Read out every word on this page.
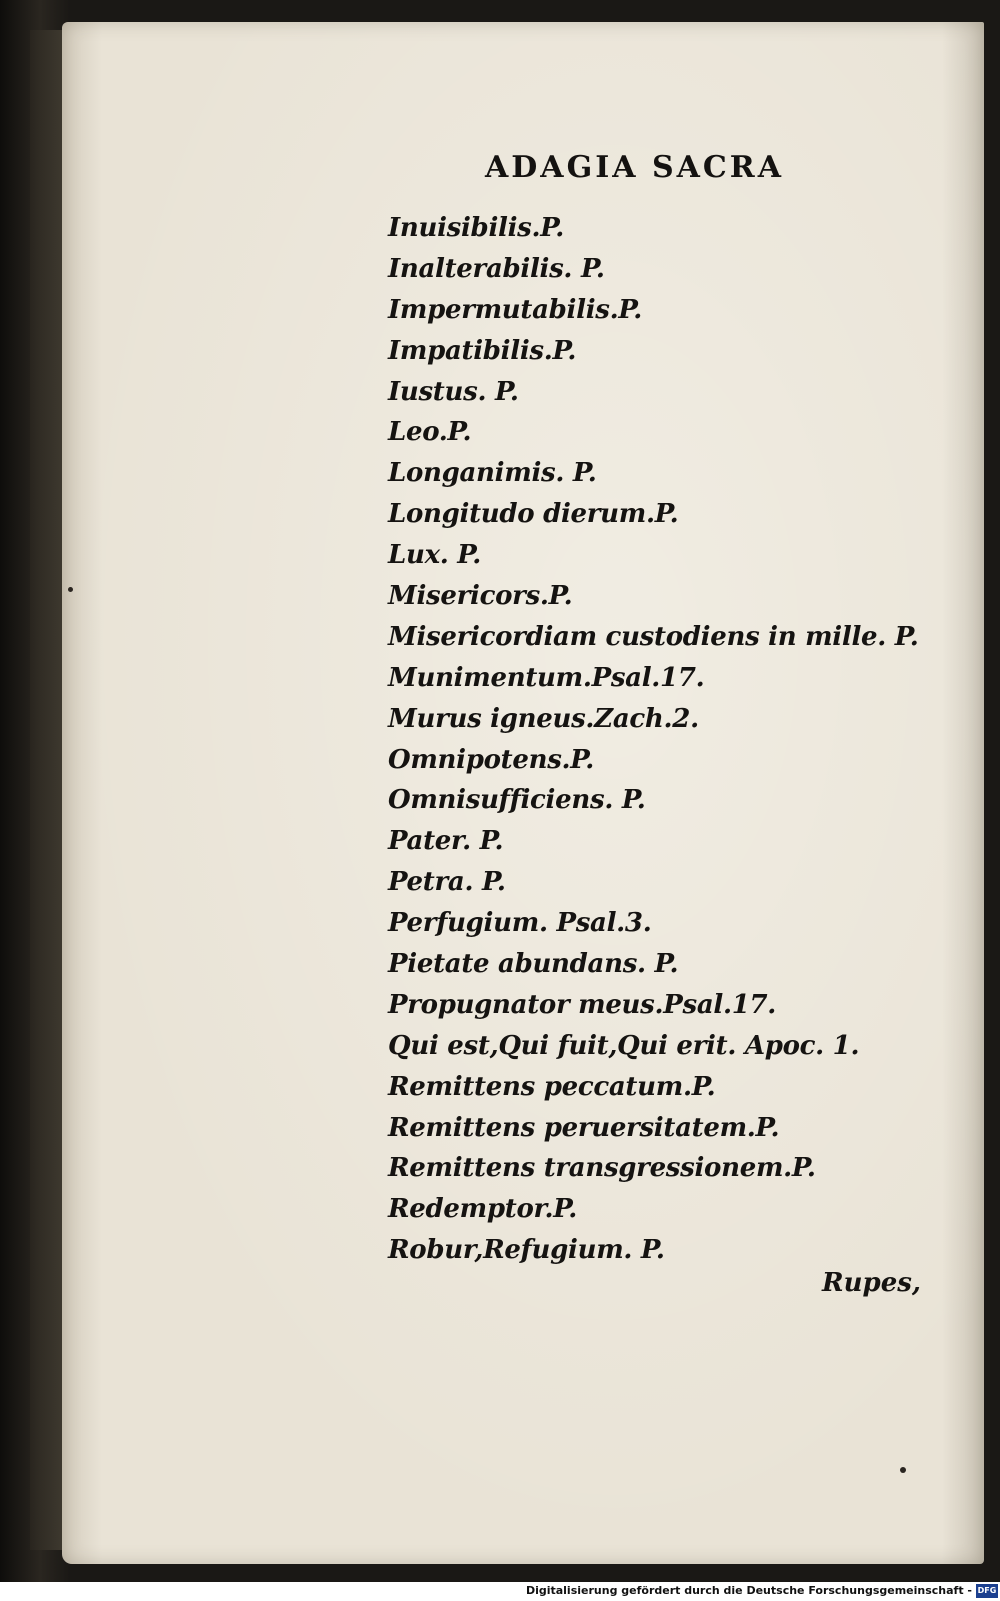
ADAGIA SACRA
Inuisibilis.P.
Inalterabilis. P.
Impermutabilis.P.
Impatibilis.P.
Iustus. P.
Leo.P.
Longanimis. P.
Longitudo dierum.P.
Lux. P.
Misericors.P.
Misericordiam custodiens in mille. P.
Munimentum.Psal.17.
Murus igneus.Zach.2.
Omnipotens.P.
Omnisufficiens. P.
Pater. P.
Petra. P.
Perfugium. Psal.3.
Pietate abundans. P.
Propugnator meus.Psal.17.
Qui est,Qui fuit,Qui erit. Apoc. 1.
Remittens peccatum.P.
Remittens peruersitatem.P.
Remittens transgressionem.P.
Redemptor.P.
Robur,Refugium. P.
Rupes,
Digitalisierung gefördert durch die Deutsche Forschungsgemeinschaft - DFG
